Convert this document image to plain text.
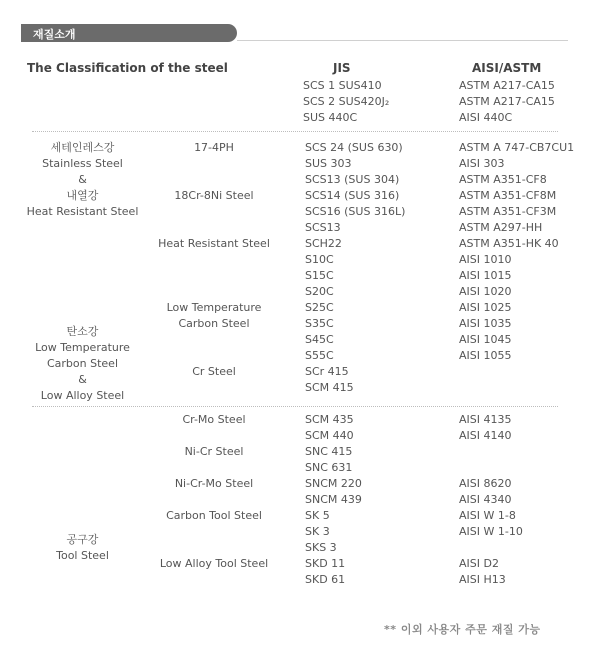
재질소개
The Classification of the steel	JIS	AISI/ASTM
SCS 1 SUS410
SCS 2 SUS420J₂
SUS 440C
ASTM A217-CA15
ASTM A217-CA15
AISI 440C
세테인레스강
Stainless Steel
&
내열강
Heat Resistant Steel
17-4PH
18Cr-8Ni Steel
Heat Resistant Steel
SCS 24 (SUS 630)
SUS 303
SCS13 (SUS 304)
SCS14 (SUS 316)
SCS16 (SUS 316L)
SCS13
SCH22
ASTM A 747-CB7CU1
AISI 303
ASTM A351-CF8
ASTM A351-CF8M
ASTM A351-CF3M
ASTM A297-HH
ASTM A351-HK 40
탄소강
Low Temperature
Carbon Steel
&
Low Alloy Steel
Low Temperature
Carbon Steel
Cr Steel
S10C
S15C
S20C
S25C
S35C
S45C
S55C
SCr 415
SCM 415
AISI 1010
AISI 1015
AISI 1020
AISI 1025
AISI 1035
AISI 1045
AISI 1055
공구강
Tool Steel
Cr-Mo Steel
Ni-Cr Steel
Ni-Cr-Mo Steel
Carbon Tool Steel
Low Alloy Tool Steel
SCM 435
SCM 440
SNC 415
SNC 631
SNCM 220
SNCM 439
SK 5
SK 3
SKS 3
SKD 11
SKD 61
AISI 4135
AISI 4140
AISI 8620
AISI 4340
AISI W 1-8
AISI W 1-10
AISI D2
AISI H13
** 이외 사용자 주문 재질 가능
